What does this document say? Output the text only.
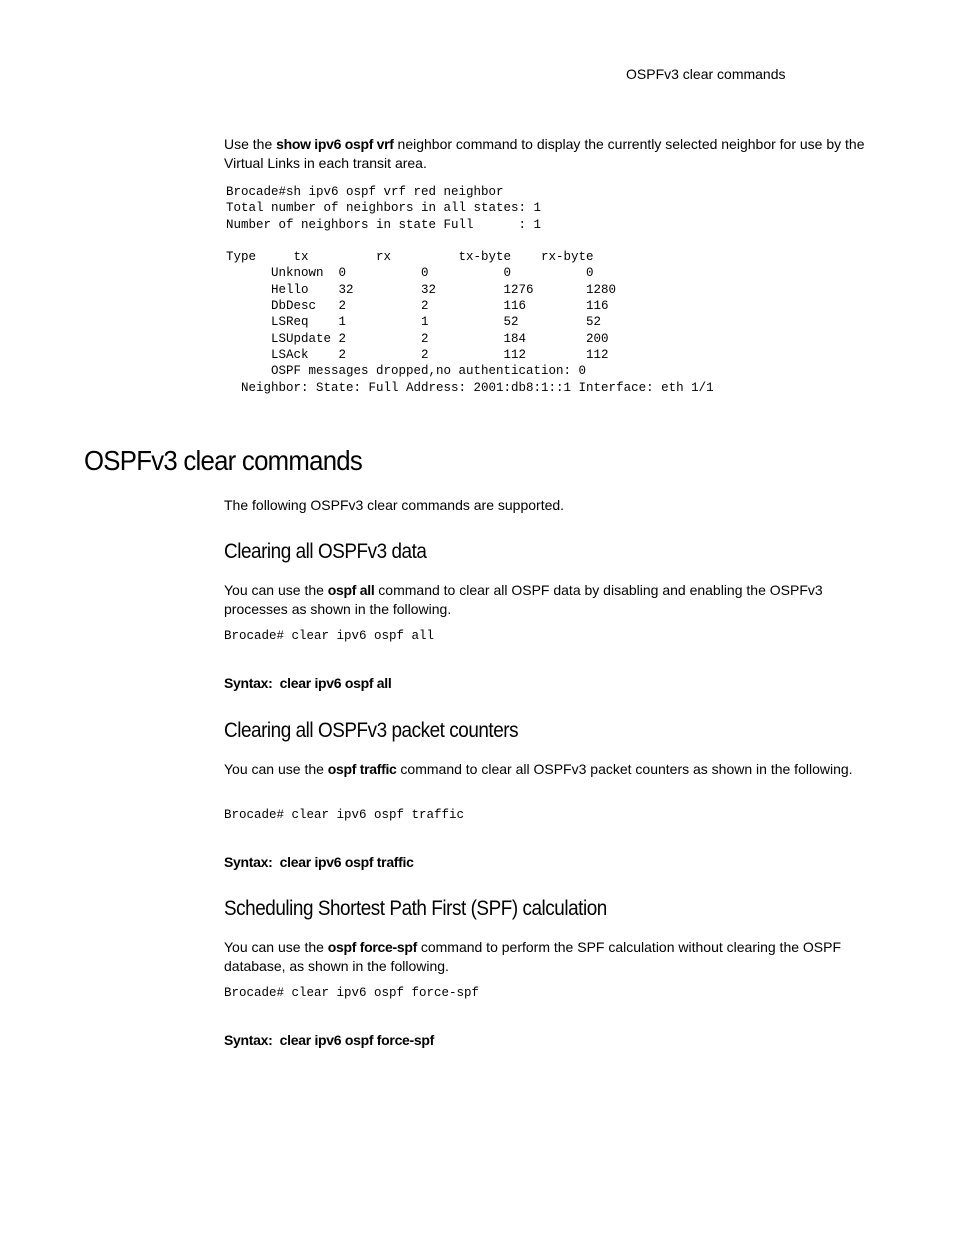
OSPFv3 clear commands
Use the show ipv6 ospf vrf neighbor command to display the currently selected neighbor for use by the Virtual Links in each transit area.
Brocade#sh ipv6 ospf vrf red neighbor
Total number of neighbors in all states: 1
Number of neighbors in state Full      : 1

Type     tx         rx         tx-byte    rx-byte
Unknown  0          0          0          0
Hello    32         32         1276       1280
DbDesc   2          2          116        116
LSReq    1          1          52         52
LSUpdate 2          2          184        200
LSAck    2          2          112        112
OSPF messages dropped,no authentication: 0
Neighbor: State: Full Address: 2001:db8:1::1 Interface: eth 1/1
OSPFv3 clear commands
The following OSPFv3 clear commands are supported.
Clearing all OSPFv3 data
You can use the ospf all command to clear all OSPF data by disabling and enabling the OSPFv3 processes as shown in the following.
Brocade# clear ipv6 ospf all
Syntax: clear ipv6 ospf all
Clearing all OSPFv3 packet counters
You can use the ospf traffic command to clear all OSPFv3 packet counters as shown in the following.
Brocade# clear ipv6 ospf traffic
Syntax: clear ipv6 ospf traffic
Scheduling Shortest Path First (SPF) calculation
You can use the ospf force-spf command to perform the SPF calculation without clearing the OSPF database, as shown in the following.
Brocade# clear ipv6 ospf force-spf
Syntax: clear ipv6 ospf force-spf
